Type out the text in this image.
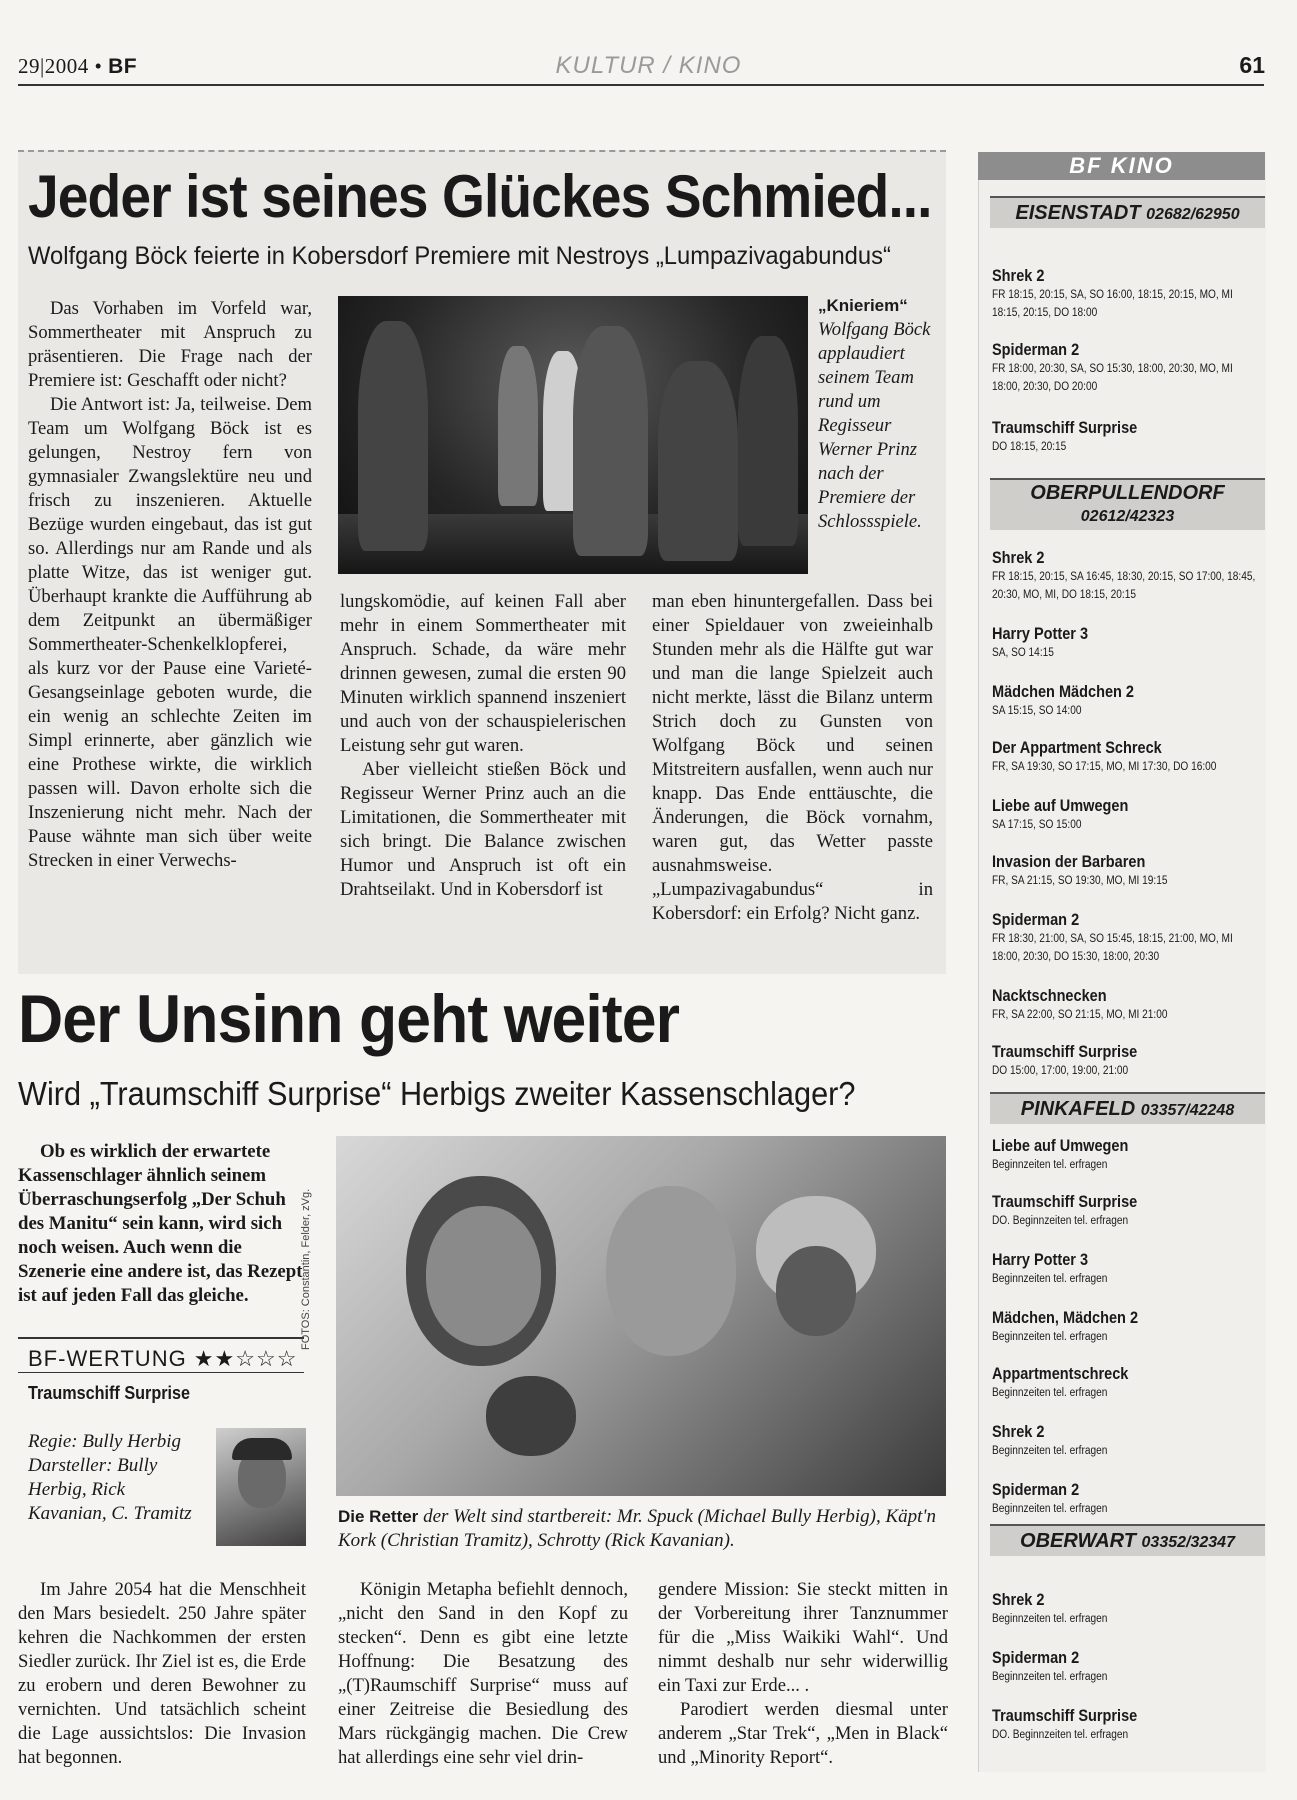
29|2004 • BF	KULTUR / KINO	61
Jeder ist seines Glückes Schmied...
Wolfgang Böck feierte in Kobersdorf Premiere mit Nestroys „Lumpazivagabundus“

Das Vorhaben im Vorfeld war, Sommertheater mit Anspruch zu präsentieren. Die Frage nach der Premiere ist: Geschafft oder nicht?

Die Antwort ist: Ja, teilweise. Dem Team um Wolfgang Böck ist es gelungen, Nestroy fern von gymnasialer Zwangslektüre neu und frisch zu inszenieren. Aktuelle Bezüge wurden eingebaut, das ist gut so. Allerdings nur am Rande und als platte Witze, das ist weniger gut. Überhaupt krankte die Aufführung ab dem Zeitpunkt an übermäßiger Sommertheater-Schenkelklopferei, als kurz vor der Pause eine Varieté-Gesangseinlage geboten wurde, die ein wenig an schlechte Zeiten im Simpl erinnerte, aber gänzlich wie eine Prothese wirkte, die wirklich passen will. Davon erholte sich die Inszenierung nicht mehr. Nach der Pause wähnte man sich über weite Strecken in einer Verwechs-

„Knieriem“ Wolfgang Böck applaudiert seinem Team rund um Regisseur Werner Prinz nach der Premiere der Schlossspiele.

lungskomödie, auf keinen Fall aber mehr in einem Sommertheater mit Anspruch. Schade, da wäre mehr drinnen gewesen, zumal die ersten 90 Minuten wirklich spannend inszeniert und auch von der schauspielerischen Leistung sehr gut waren.

Aber vielleicht stießen Böck und Regisseur Werner Prinz auch an die Limitationen, die Sommertheater mit sich bringt. Die Balance zwischen Humor und Anspruch ist oft ein Drahtseilakt. Und in Kobersdorf ist

man eben hinuntergefallen. Dass bei einer Spieldauer von zweieinhalb Stunden mehr als die Hälfte gut war und man die lange Spielzeit auch nicht merkte, lässt die Bilanz unterm Strich doch zu Gunsten von Wolfgang Böck und seinen Mitstreitern ausfallen, wenn auch nur knapp. Das Ende enttäuschte, die Änderungen, die Böck vornahm, waren gut, das Wetter passte ausnahmsweise. „Lumpazivagabundus“ in Kobersdorf: ein Erfolg? Nicht ganz.

Der Unsinn geht weiter
Wird „Traumschiff Surprise“ Herbigs zweiter Kassenschlager?
Ob es wirklich der erwartete Kassenschlager ähnlich seinem Überraschungserfolg „Der Schuh des Manitu“ sein kann, wird sich noch weisen. Auch wenn die Szenerie eine andere ist, das Rezept ist auf jeden Fall das gleiche.
BF-WERTUNG ★★☆☆☆
Traumschiff Surprise
Regie: Bully Herbig Darsteller: Bully Herbig, Rick Kavanian, C. Tramitz
FOTOS: Constantin, Felder, zVg.
Die Retter der Welt sind startbereit: Mr. Spuck (Michael Bully Herbig), Käpt'n Kork (Christian Tramitz), Schrotty (Rick Kavanian).

Im Jahre 2054 hat die Menschheit den Mars besiedelt. 250 Jahre später kehren die Nachkommen der ersten Siedler zurück. Ihr Ziel ist es, die Erde zu erobern und deren Bewohner zu vernichten. Und tatsächlich scheint die Lage aussichtslos: Die Invasion hat begonnen.

Königin Metapha befiehlt dennoch, „nicht den Sand in den Kopf zu stecken“. Denn es gibt eine letzte Hoffnung: Die Besatzung des „(T)Raumschiff Surprise“ muss auf einer Zeitreise die Besiedlung des Mars rückgängig machen. Die Crew hat allerdings eine sehr viel drin-

gendere Mission: Sie steckt mitten in der Vorbereitung ihrer Tanznummer für die „Miss Waikiki Wahl“. Und nimmt deshalb nur sehr widerwillig ein Taxi zur Erde... .

Parodiert werden diesmal unter anderem „Star Trek“, „Men in Black“ und „Minority Report“.

BF KINO
EISENSTADT 02682/62950
Shrek 2
FR 18:15, 20:15, SA, SO 16:00, 18:15, 20:15, MO, MI 18:15, 20:15, DO 18:00
Spiderman 2
FR 18:00, 20:30, SA, SO 15:30, 18:00, 20:30, MO, MI 18:00, 20:30, DO 20:00
Traumschiff Surprise
DO 18:15, 20:15
OBERPULLENDORF
02612/42323
Shrek 2
FR 18:15, 20:15, SA 16:45, 18:30, 20:15, SO 17:00, 18:45, 20:30, MO, MI, DO 18:15, 20:15
Harry Potter 3
SA, SO 14:15
Mädchen Mädchen 2
SA 15:15, SO 14:00
Der Appartment Schreck
FR, SA 19:30, SO 17:15, MO, MI 17:30, DO 16:00
Liebe auf Umwegen
SA 17:15, SO 15:00
Invasion der Barbaren
FR, SA 21:15, SO 19:30, MO, MI 19:15
Spiderman 2
FR 18:30, 21:00, SA, SO 15:45, 18:15, 21:00, MO, MI 18:00, 20:30, DO 15:30, 18:00, 20:30
Nacktschnecken
FR, SA 22:00, SO 21:15, MO, MI 21:00
Traumschiff Surprise
DO 15:00, 17:00, 19:00, 21:00
PINKAFELD 03357/42248
Liebe auf Umwegen
Beginnzeiten tel. erfragen
Traumschiff Surprise
DO. Beginnzeiten tel. erfragen
Harry Potter 3
Beginnzeiten tel. erfragen
Mädchen, Mädchen 2
Beginnzeiten tel. erfragen
Appartmentschreck
Beginnzeiten tel. erfragen
Shrek 2
Beginnzeiten tel. erfragen
Spiderman 2
Beginnzeiten tel. erfragen
OBERWART 03352/32347
Shrek 2
Beginnzeiten tel. erfragen
Spiderman 2
Beginnzeiten tel. erfragen
Traumschiff Surprise
DO. Beginnzeiten tel. erfragen
